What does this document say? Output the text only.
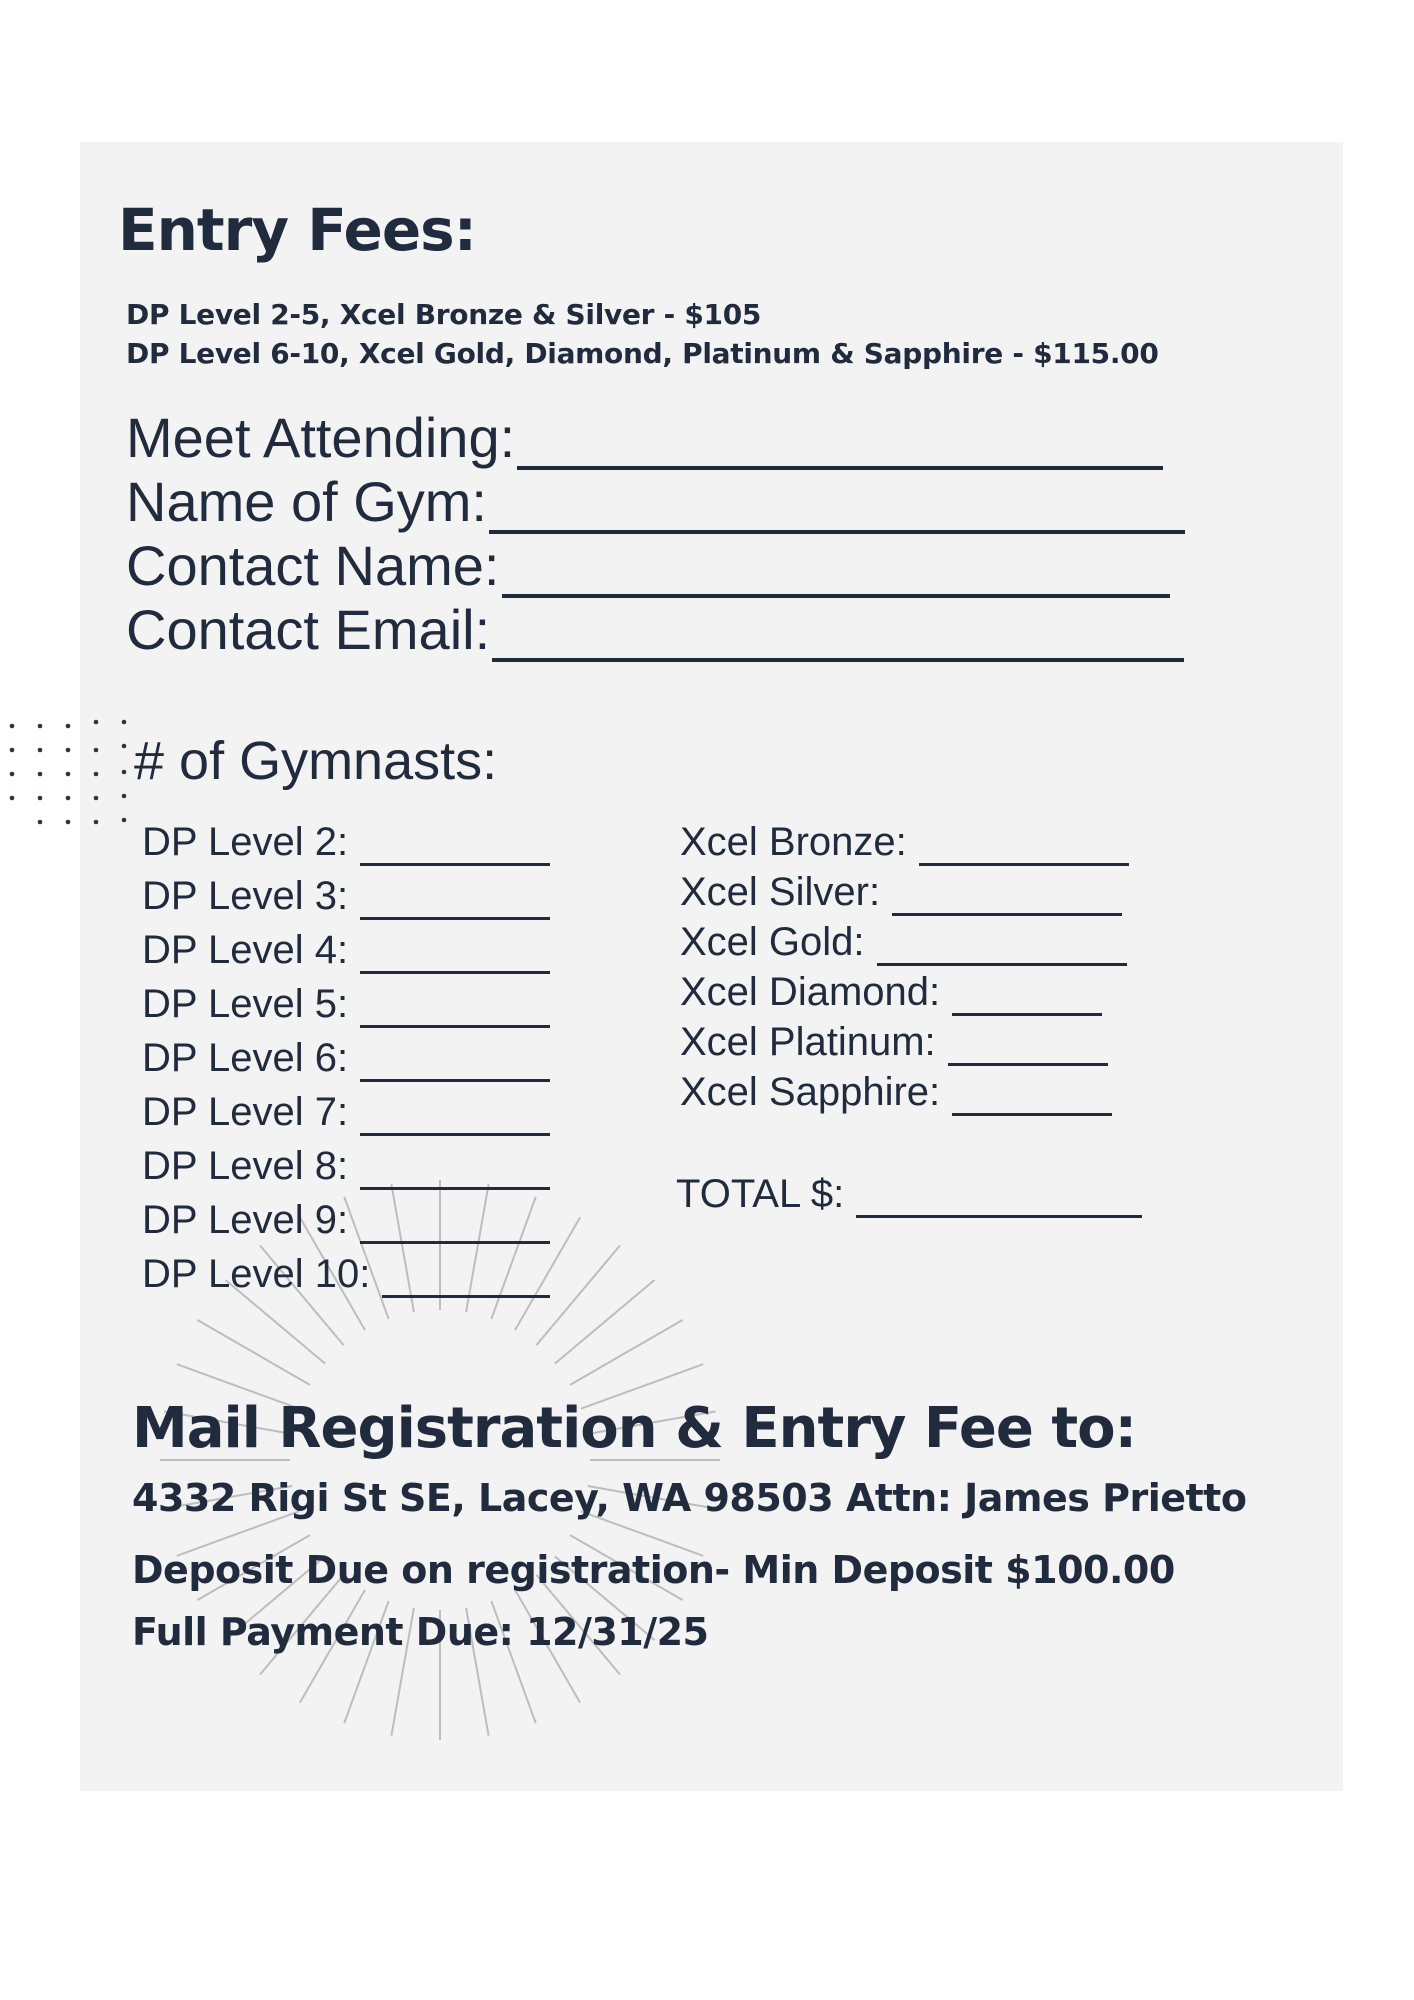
Entry Fees:
DP Level 2-5, Xcel Bronze & Silver - $105
DP Level 6-10, Xcel Gold, Diamond, Platinum & Sapphire - $115.00
Meet Attending:
Name of Gym:
Contact Name:
Contact Email:
# of Gymnasts:
DP Level 2:
DP Level 3:
DP Level 4:
DP Level 5:
DP Level 6:
DP Level 7:
DP Level 8:
DP Level 9:
DP Level 10:
Xcel Bronze:
Xcel Silver:
Xcel Gold:
Xcel Diamond:
Xcel Platinum:
Xcel Sapphire:
TOTAL $:
Mail Registration & Entry Fee to:
4332 Rigi St SE, Lacey, WA 98503 Attn: James Prietto
Deposit Due on registration- Min Deposit $100.00
Full Payment Due: 12/31/25
